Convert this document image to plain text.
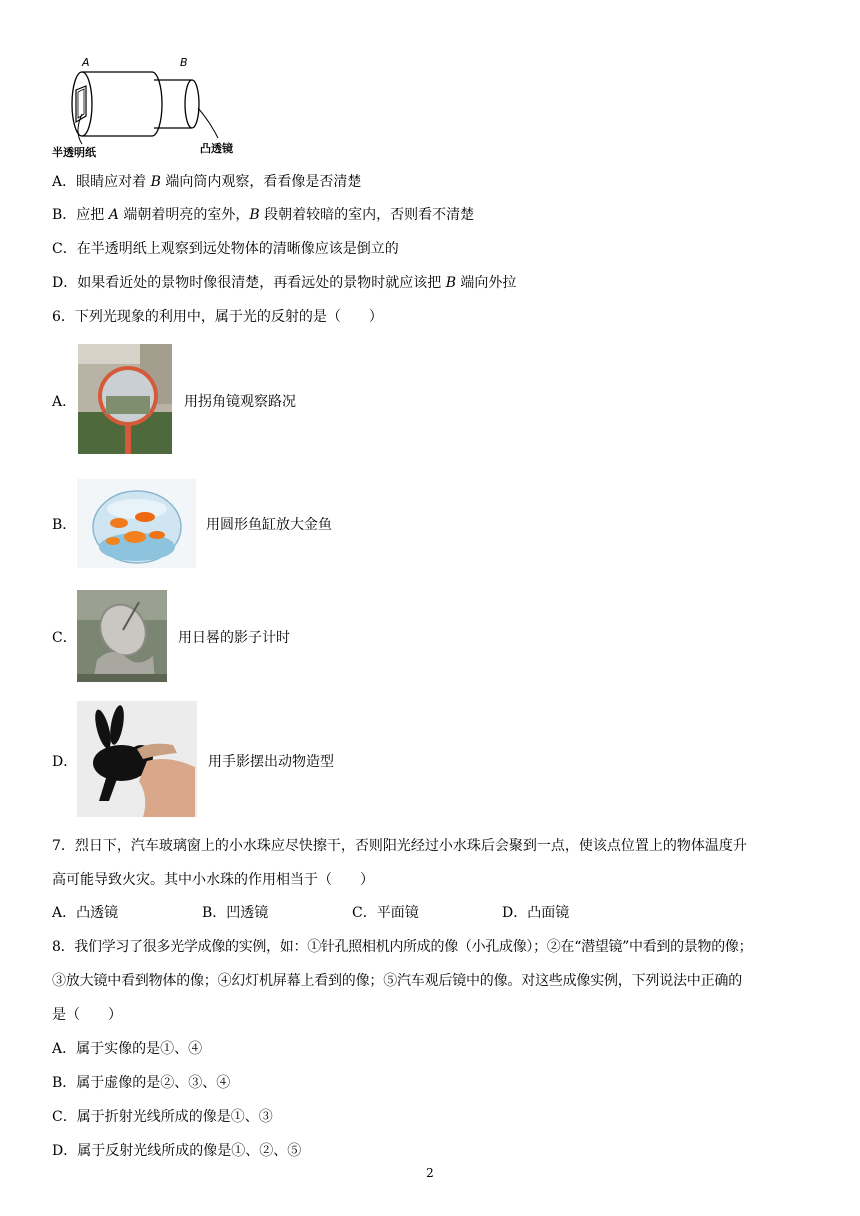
A	B
半透明纸	凸透镜
A．眼睛应对着 B 端向筒内观察，看看像是否清楚
B．应把 A 端朝着明亮的室外，B 段朝着较暗的室内，否则看不清楚
C．在半透明纸上观察到远处物体的清晰像应该是倒立的
D．如果看近处的景物时像很清楚，再看远处的景物时就应该把 B 端向外拉
6．下列光现象的利用中，属于光的反射的是（　　）
A．	用拐角镜观察路况
B．	用圆形鱼缸放大金鱼
C．	用日晷的影子计时
D．	用手影摆出动物造型
7．烈日下，汽车玻璃窗上的小水珠应尽快擦干，否则阳光经过小水珠后会聚到一点，使该点位置上的物体温度升
高可能导致火灾。其中小水珠的作用相当于（　　）
A．凸透镜	B．凹透镜	C．平面镜	D．凸面镜
8．我们学习了很多光学成像的实例，如：①针孔照相机内所成的像（小孔成像）；②在“潜望镜”中看到的景物的像；
③放大镜中看到物体的像；④幻灯机屏幕上看到的像；⑤汽车观后镜中的像。对这些成像实例，下列说法中正确的
是（　　）
A．属于实像的是①、④
B．属于虚像的是②、③、④
C．属于折射光线所成的像是①、③
D．属于反射光线所成的像是①、②、⑤
2
